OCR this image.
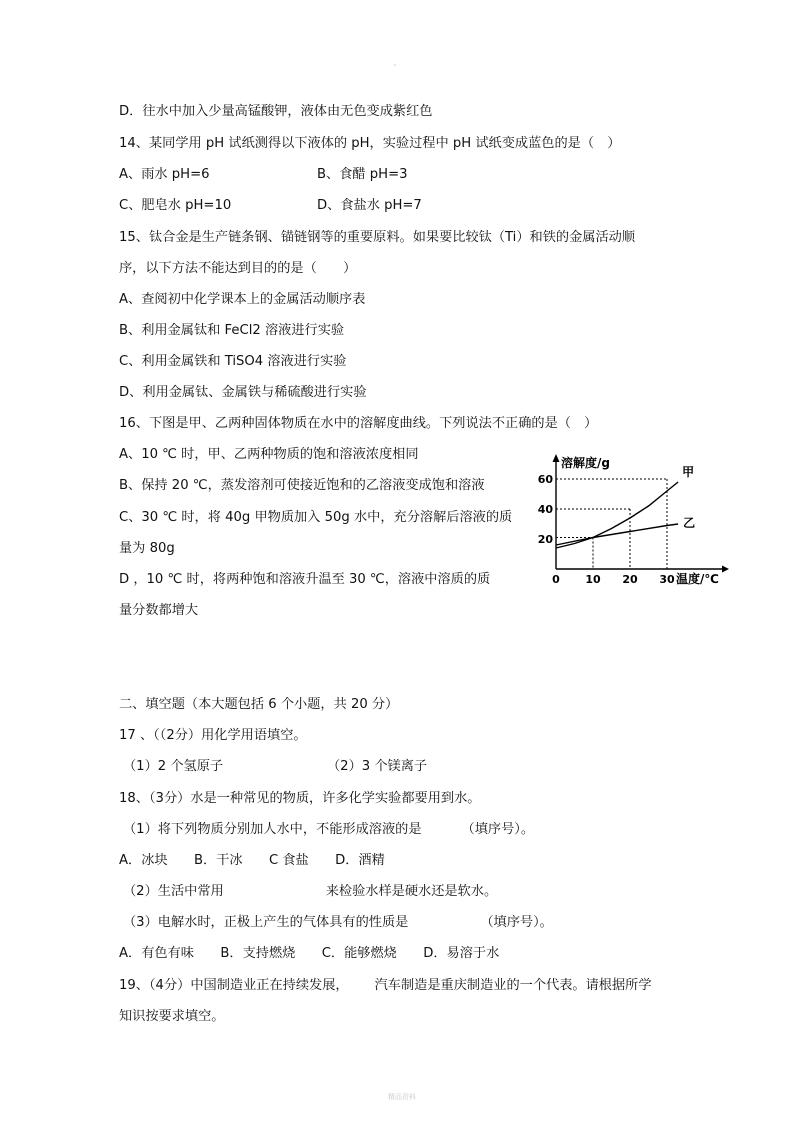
D．往水中加入少量高锰酸钾，液体由无色变成紫红色
14、某同学用 pH 试纸测得以下液体的 pH，实验过程中 pH 试纸变成蓝色的是（　）
A、雨水 pH=6	B、食醋 pH=3
C、肥皂水 pH=10	D、食盐水 pH=7
15、钛合金是生产链条钢、锚链钢等的重要原料。如果要比较钛（Ti）和铁的金属活动顺
序，以下方法不能达到目的的是（　　）
A、查阅初中化学课本上的金属活动顺序表
B、利用金属钛和 FeCl2 溶液进行实验
C、利用金属铁和 TiSO4 溶液进行实验
D、利用金属钛、金属铁与稀硫酸进行实验
16、下图是甲、乙两种固体物质在水中的溶解度曲线。下列说法不正确的是（　）
A、10 ℃ 时，甲、乙两种物质的饱和溶液浓度相同
B、保持 20 ℃，蒸发溶剂可使接近饱和的乙溶液变成饱和溶液
C、30 ℃ 时，将 40g 甲物质加入 50g 水中，充分溶解后溶液的质
量为 80g
D ，10 ℃ 时，将两种饱和溶液升温至 30 ℃，溶液中溶质的质
量分数都增大
溶解度/g
温度/℃
0 10 20 30
20
40
60
甲
乙
二、填空题（本大题包括 6 个小题，共 20 分）
17 、（（2分）用化学用语填空。
（1）2 个氢原子	（2）3 个镁离子
18、（3分）水是一种常见的物质，许多化学实验都要用到水。
（1）将下列物质分别加人水中，不能形成溶液的是	（填序号）。
A．冰块　　B．干冰　　C 食盐　　D．酒精
（2）生活中常用	来检验水样是硬水还是软水。
（3）电解水时，正极上产生的气体具有的性质是	（填序号）。
A．有色有味　　B．支持燃烧　　C．能够燃烧　　D．易溶于水
19、（4分）中国制造业正在持续发展， 汽车制造是重庆制造业的一个代表。请根据所学
知识按要求填空。
精品资料
